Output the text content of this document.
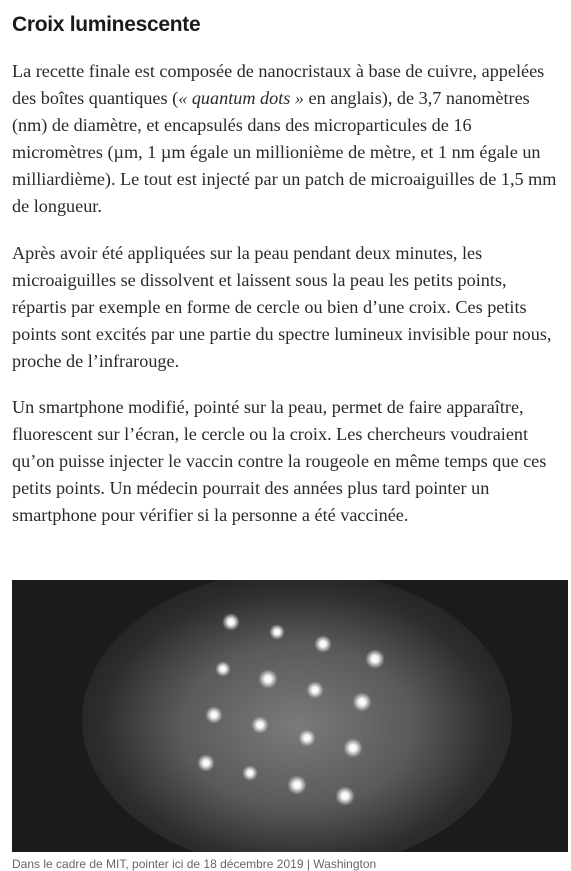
Croix luminescente

La recette finale est composée de nanocristaux à base de cuivre, appelées des boîtes quantiques (« quantum dots » en anglais), de 3,7 nanomètres (nm) de diamètre, et encapsulés dans des microparticules de 16 micromètres (µm, 1 µm égale un millionième de mètre, et 1 nm égale un milliardième). Le tout est injecté par un patch de microaiguilles de 1,5 mm de longueur.

Après avoir été appliquées sur la peau pendant deux minutes, les microaiguilles se dissolvent et laissent sous la peau les petits points, répartis par exemple en forme de cercle ou bien d’une croix. Ces petits points sont excités par une partie du spectre lumineux invisible pour nous, proche de l’infrarouge.

Un smartphone modifié, pointé sur la peau, permet de faire apparaître, fluorescent sur l’écran, le cercle ou la croix. Les chercheurs voudraient qu’on puisse injecter le vaccin contre la rougeole en même temps que ces petits points. Un médecin pourrait des années plus tard pointer un smartphone pour vérifier si la personne a été vaccinée.

Dans le cadre de MIT, pointer ici de 18 décembre 2019 | Washington
